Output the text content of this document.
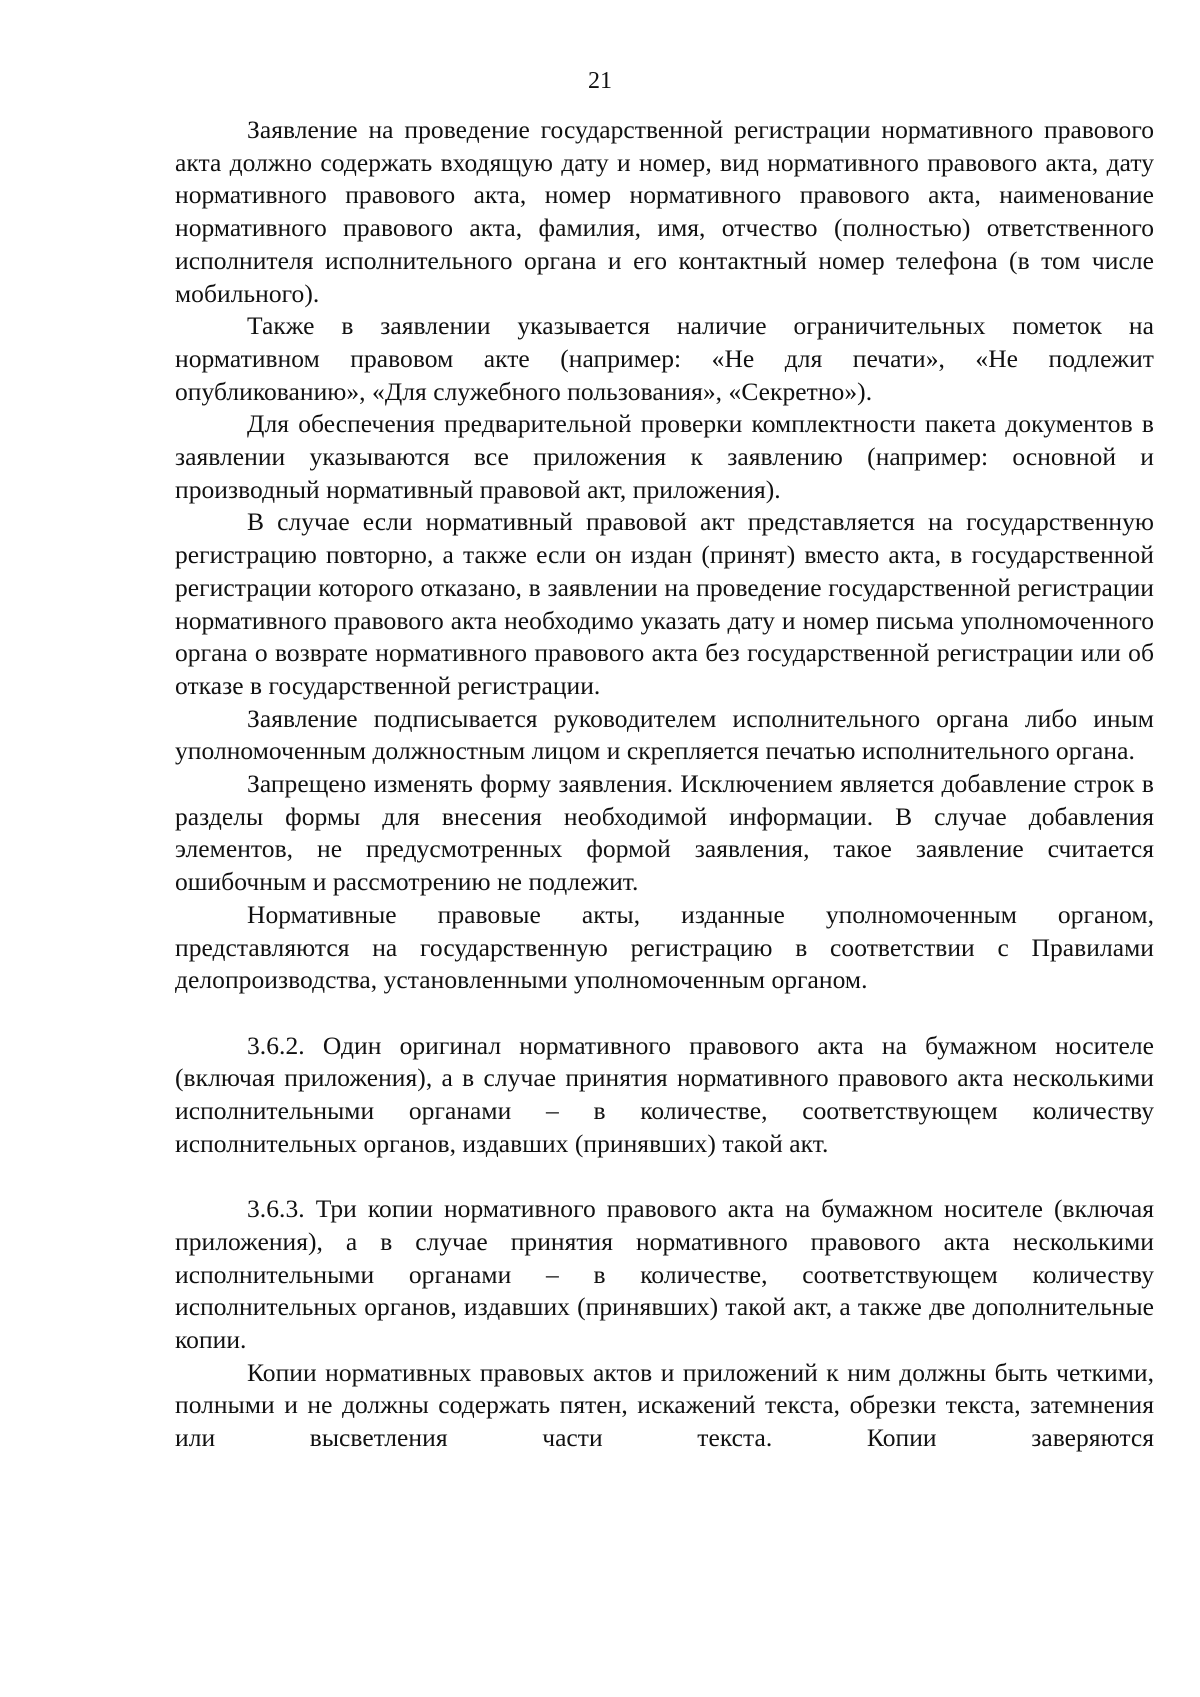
21

Заявление на проведение государственной регистрации нормативного правового акта должно содержать входящую дату и номер, вид нормативного правового акта, дату нормативного правового акта, номер нормативного правового акта, наименование нормативного правового акта, фамилия, имя, отчество (полностью) ответственного исполнителя исполнительного органа и его контактный номер телефона (в том числе мобильного).

Также в заявлении указывается наличие ограничительных пометок на нормативном правовом акте (например: «Не для печати», «Не подлежит опубликованию», «Для служебного пользования», «Секретно»).

Для обеспечения предварительной проверки комплектности пакета документов в заявлении указываются все приложения к заявлению (например: основной и производный нормативный правовой акт, приложения).

В случае если нормативный правовой акт представляется на государственную регистрацию повторно, а также если он издан (принят) вместо акта, в государственной регистрации которого отказано, в заявлении на проведение государственной регистрации нормативного правового акта необходимо указать дату и номер письма уполномоченного органа о возврате нормативного правового акта без государственной регистрации или об отказе в государственной регистрации.

Заявление подписывается руководителем исполнительного органа либо иным уполномоченным должностным лицом и скрепляется печатью исполнительного органа.

Запрещено изменять форму заявления. Исключением является добавление строк в разделы формы для внесения необходимой информации. В случае добавления элементов, не предусмотренных формой заявления, такое заявление считается ошибочным и рассмотрению не подлежит.

Нормативные правовые акты, изданные уполномоченным органом, представляются на государственную регистрацию в соответствии с Правилами делопроизводства, установленными уполномоченным органом.

3.6.2. Один оригинал нормативного правового акта на бумажном носителе (включая приложения), а в случае принятия нормативного правового акта несколькими исполнительными органами – в количестве, соответствующем количеству исполнительных органов, издавших (принявших) такой акт.

3.6.3. Три копии нормативного правового акта на бумажном носителе (включая приложения), а в случае принятия нормативного правового акта несколькими исполнительными органами – в количестве, соответствующем количеству исполнительных органов, издавших (принявших) такой акт, а также две дополнительные копии.

Копии нормативных правовых актов и приложений к ним должны быть четкими, полными и не должны содержать пятен, искажений текста, обрезки текста, затемнения или высветления части текста. Копии заверяются
